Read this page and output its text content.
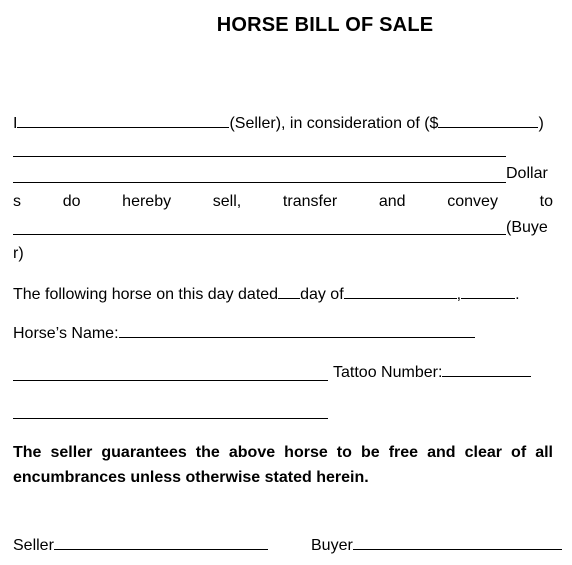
HORSE BILL OF SALE
I	(Seller), in consideration of ($	)
Dollar
s	do	hereby	sell,	transfer	and	convey	to
(Buye
r)
The following horse on this day dated day of	,	.
Horse’s Name:
Tattoo Number:
The seller guarantees the above horse to be free and clear of all encumbrances unless otherwise stated herein.
Seller	Buyer
